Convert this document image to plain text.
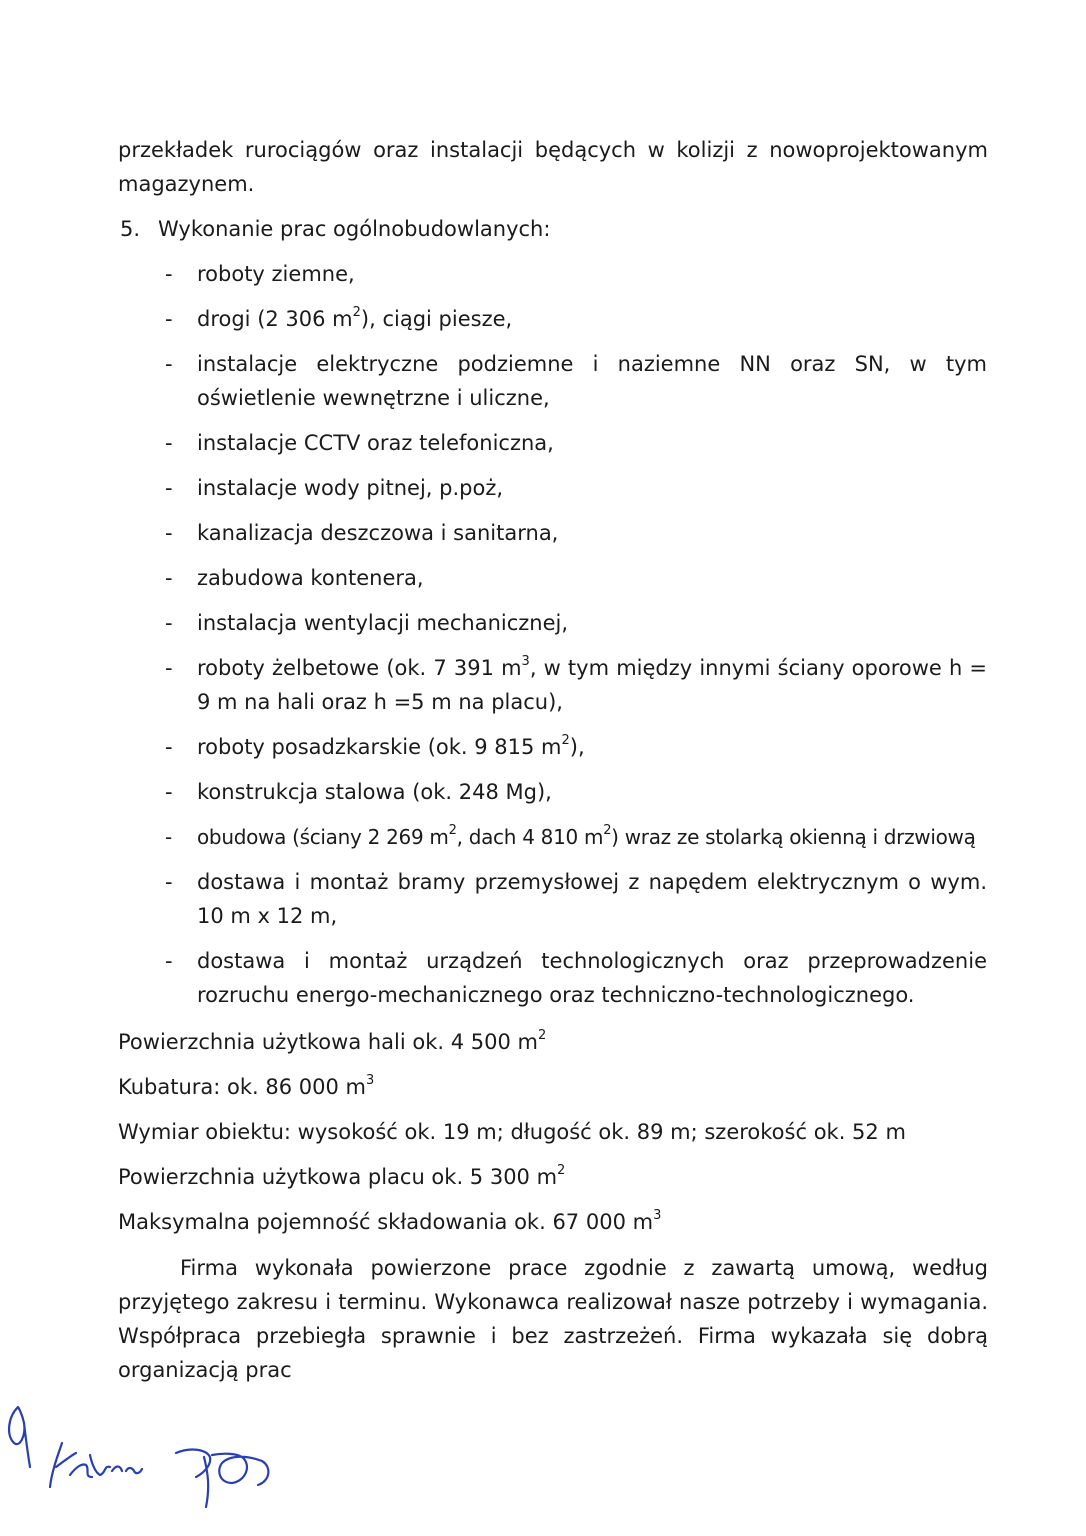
przekładek rurociągów oraz instalacji będących w kolizji z nowoprojektowanym magazynem.

5. Wykonanie prac ogólnobudowlanych:
- roboty ziemne,
- drogi (2 306 $m^2$), ciągi piesze,
- instalacje elektryczne podziemne i naziemne NN oraz SN, w tym oświetlenie wewnętrzne i uliczne,
- instalacje CCTV oraz telefoniczna,
- instalacje wody pitnej, p.poż,
- kanalizacja deszczowa i sanitarna,
- zabudowa kontenera,
- instalacja wentylacji mechanicznej,
- roboty żelbetowe (ok. 7 391 $m^3$, w tym między innymi ściany oporowe h = 9 m na hali oraz h =5 m na placu),
- roboty posadzkarskie (ok. 9 815 $m^2$),
- konstrukcja stalowa (ok. 248 Mg),
- obudowa (ściany 2 269 $m^2$, dach 4 810 $m^2$) wraz ze stolarką okienną i drzwiową
- dostawa i montaż bramy przemysłowej z napędem elektrycznym o wym. 10 m x 12 m,
- dostawa i montaż urządzeń technologicznych oraz przeprowadzenie rozruchu energo-mechanicznego oraz techniczno-technologicznego.
Powierzchnia użytkowa hali ok. 4 500 $m^2$
Kubatura: ok. 86 000 $m^3$
Wymiar obiektu: wysokość ok. 19 m; długość ok. 89 m; szerokość ok. 52 m
Powierzchnia użytkowa placu ok. 5 300 $m^2$
Maksymalna pojemność składowania ok. 67 000 $m^3$

Firma wykonała powierzone prace zgodnie z zawartą umową, według przyjętego zakresu i terminu. Wykonawca realizował nasze potrzeby i wymagania. Współpraca przebiegła sprawnie i bez zastrzeżeń. Firma wykazała się dobrą organizacją prac
